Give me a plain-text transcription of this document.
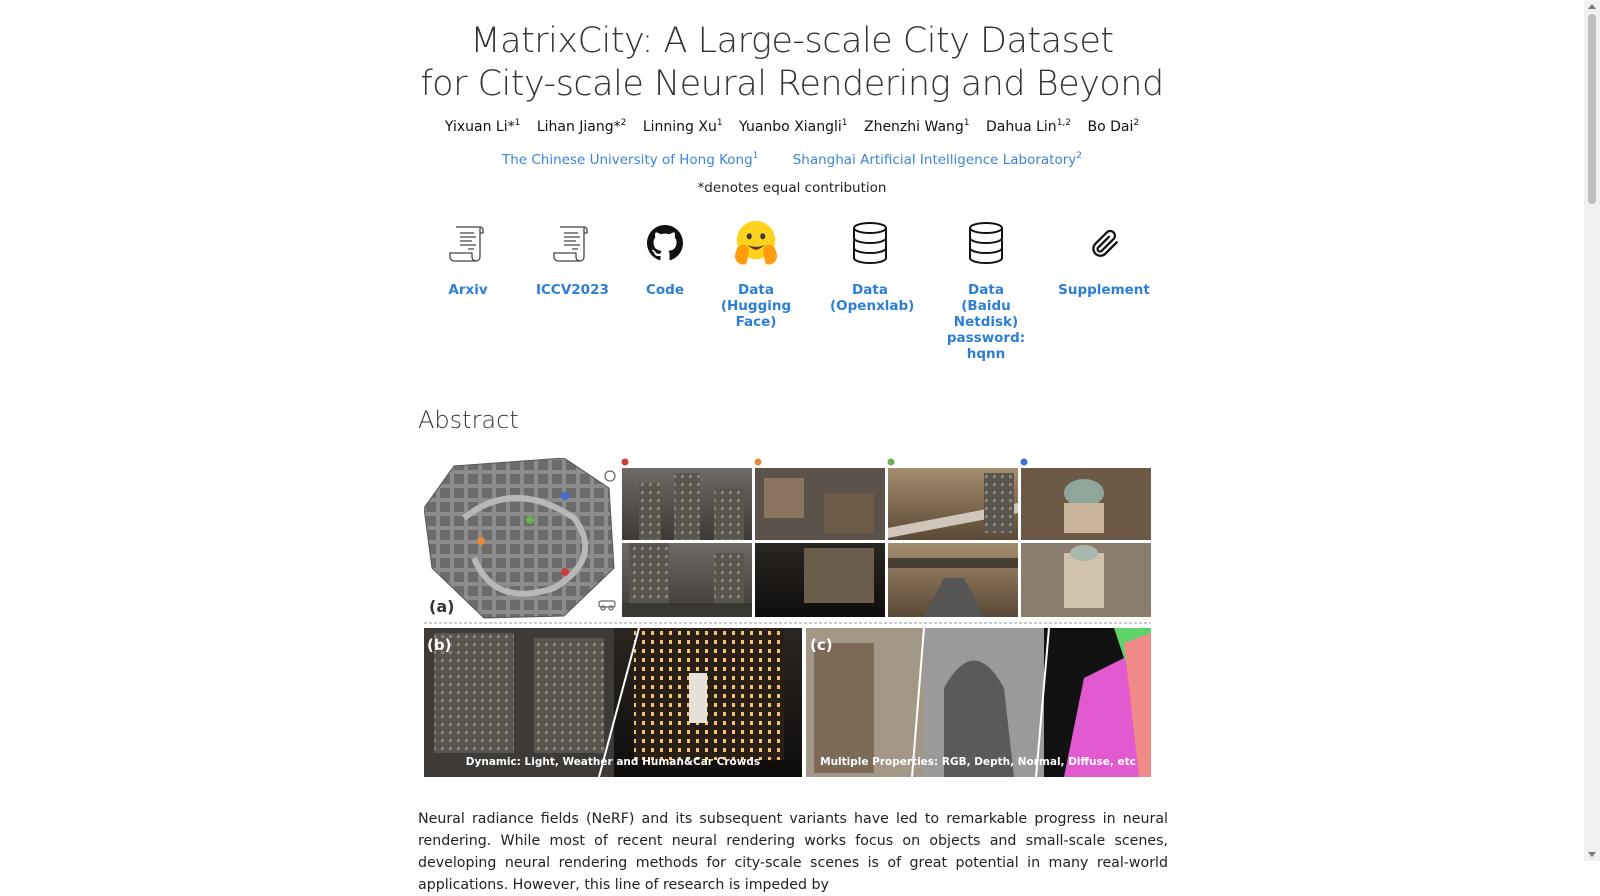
MatrixCity: A Large-scale City Dataset
for City-scale Neural Rendering and Beyond
Yixuan Li*$^1$ Lihan Jiang*$^2$ Linning Xu$^1$ Yuanbo Xiangli$^1$ Zhenzhi Wang$^1$ Dahua Lin$^{1,2}$ Bo Dai$^2$
The Chinese University of Hong Kong$^1$	Shanghai Artificial Intelligence Laboratory$^2$
*denotes equal contribution
Arxiv	ICCV2023	Code	Data
(Hugging
Face)
Data
(Openxlab)
Data
(Baidu
Netdisk)
password:
hqnn
Supplement
Abstract
(a)
(b)
Dynamic: Light, Weather and Human&Car Crowds
(c)
Multiple Properties: RGB, Depth, Normal, Diffuse, etc
Neural radiance fields (NeRF) and its subsequent variants have led to remarkable progress in neural rendering. While most of recent neural rendering works focus on objects and small-scale scenes, developing neural rendering methods for city-scale scenes is of great potential in many real-world applications. However, this line of research is impeded by
